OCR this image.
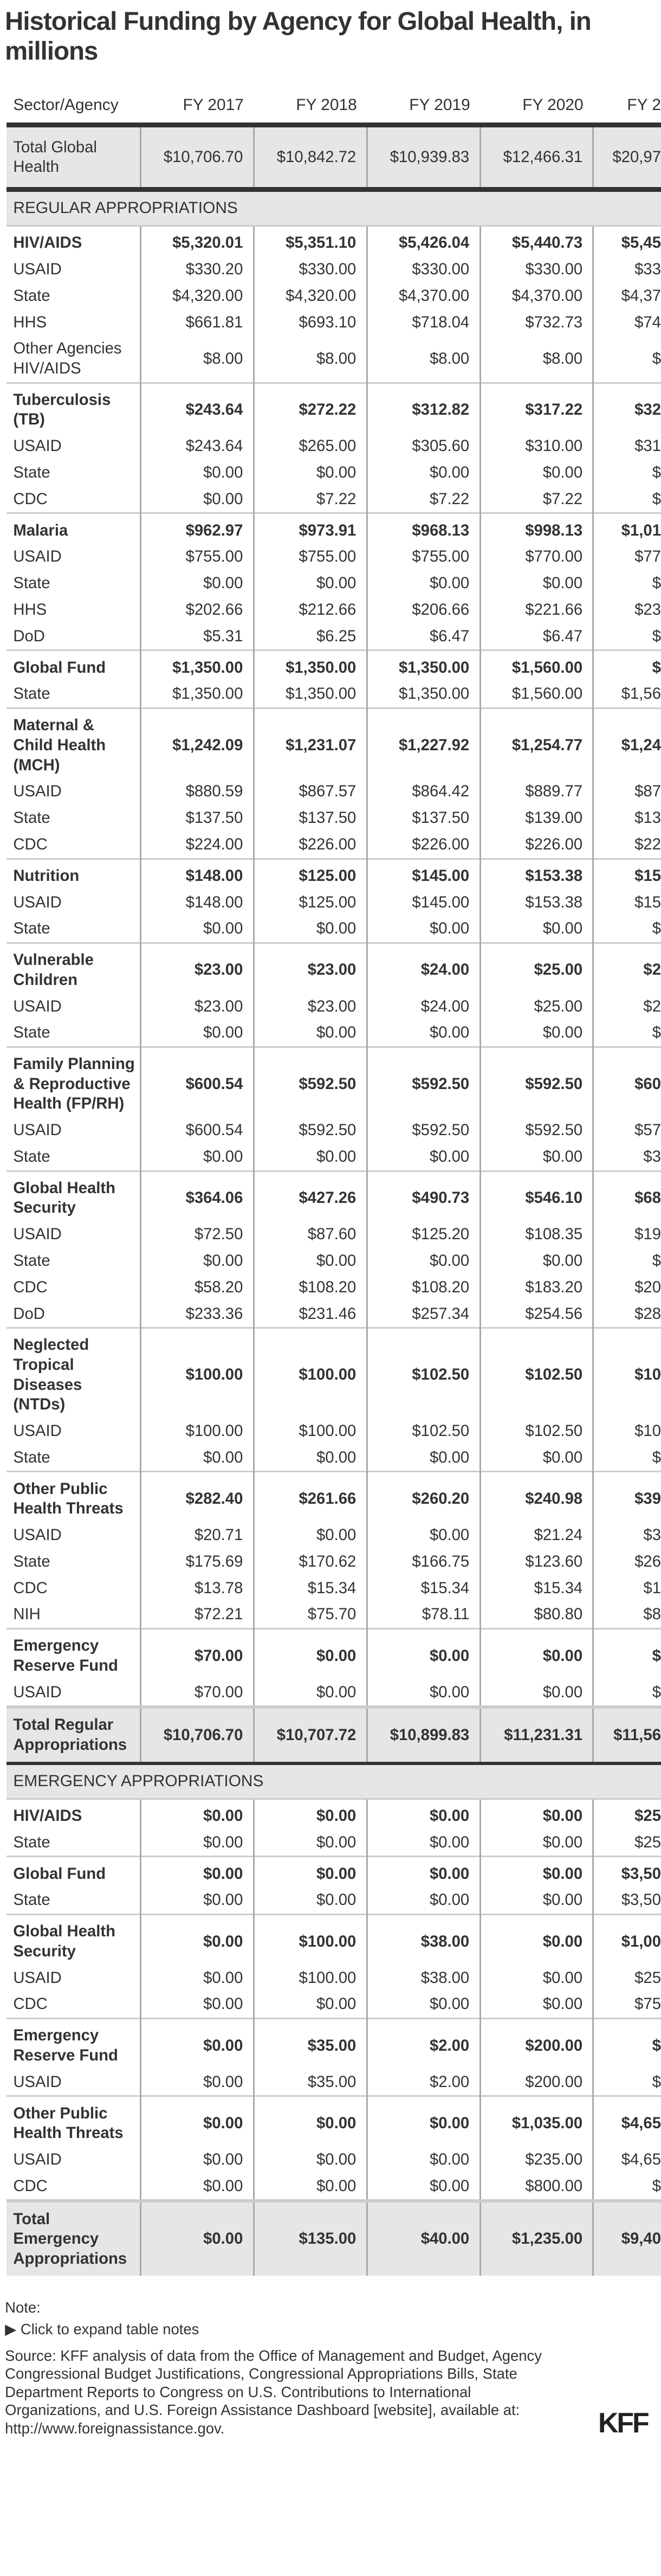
Historical Funding by Agency for Global Health, in millions
Sector/Agency	FY 2017	FY 2018	FY 2019	FY 2020	FY 2
Total Global Health	$10,706.70	$10,842.72	$10,939.83	$12,466.31	$20,97
REGULAR APPROPRIATIONS					
HIV/AIDS	$5,320.01	$5,351.10	$5,426.04	$5,440.73	$5,45
USAID	$330.20	$330.00	$330.00	$330.00	$33
State	$4,320.00	$4,320.00	$4,370.00	$4,370.00	$4,37
HHS	$661.81	$693.10	$718.04	$732.73	$74
Other Agencies HIV/AIDS	$8.00	$8.00	$8.00	$8.00	$
Tuberculosis (TB)	$243.64	$272.22	$312.82	$317.22	$32
USAID	$243.64	$265.00	$305.60	$310.00	$31
State	$0.00	$0.00	$0.00	$0.00	$
CDC	$0.00	$7.22	$7.22	$7.22	$
Malaria	$962.97	$973.91	$968.13	$998.13	$1,01
USAID	$755.00	$755.00	$755.00	$770.00	$77
State	$0.00	$0.00	$0.00	$0.00	$
HHS	$202.66	$212.66	$206.66	$221.66	$23
DoD	$5.31	$6.25	$6.47	$6.47	$
Global Fund	$1,350.00	$1,350.00	$1,350.00	$1,560.00	$
State	$1,350.00	$1,350.00	$1,350.00	$1,560.00	$1,56
Maternal & Child Health (MCH)	$1,242.09	$1,231.07	$1,227.92	$1,254.77	$1,24
USAID	$880.59	$867.57	$864.42	$889.77	$87
State	$137.50	$137.50	$137.50	$139.00	$13
CDC	$224.00	$226.00	$226.00	$226.00	$22
Nutrition	$148.00	$125.00	$145.00	$153.38	$15
USAID	$148.00	$125.00	$145.00	$153.38	$15
State	$0.00	$0.00	$0.00	$0.00	$
Vulnerable Children	$23.00	$23.00	$24.00	$25.00	$2
USAID	$23.00	$23.00	$24.00	$25.00	$2
State	$0.00	$0.00	$0.00	$0.00	$
Family Planning & Reproductive Health (FP/RH)	$600.54	$592.50	$592.50	$592.50	$60
USAID	$600.54	$592.50	$592.50	$592.50	$57
State	$0.00	$0.00	$0.00	$0.00	$3
Global Health Security	$364.06	$427.26	$490.73	$546.10	$68
USAID	$72.50	$87.60	$125.20	$108.35	$19
State	$0.00	$0.00	$0.00	$0.00	$
CDC	$58.20	$108.20	$108.20	$183.20	$20
DoD	$233.36	$231.46	$257.34	$254.56	$28
Neglected Tropical Diseases (NTDs)	$100.00	$100.00	$102.50	$102.50	$10
USAID	$100.00	$100.00	$102.50	$102.50	$10
State	$0.00	$0.00	$0.00	$0.00	$
Other Public Health Threats	$282.40	$261.66	$260.20	$240.98	$39
USAID	$20.71	$0.00	$0.00	$21.24	$3
State	$175.69	$170.62	$166.75	$123.60	$26
CDC	$13.78	$15.34	$15.34	$15.34	$1
NIH	$72.21	$75.70	$78.11	$80.80	$8
Emergency Reserve Fund	$70.00	$0.00	$0.00	$0.00	$
USAID	$70.00	$0.00	$0.00	$0.00	$
Total Regular Appropriations	$10,706.70	$10,707.72	$10,899.83	$11,231.31	$11,56
EMERGENCY APPROPRIATIONS					
HIV/AIDS	$0.00	$0.00	$0.00	$0.00	$25
State	$0.00	$0.00	$0.00	$0.00	$25
Global Fund	$0.00	$0.00	$0.00	$0.00	$3,50
State	$0.00	$0.00	$0.00	$0.00	$3,50
Global Health Security	$0.00	$100.00	$38.00	$0.00	$1,00
USAID	$0.00	$100.00	$38.00	$0.00	$25
CDC	$0.00	$0.00	$0.00	$0.00	$75
Emergency Reserve Fund	$0.00	$35.00	$2.00	$200.00	$
USAID	$0.00	$35.00	$2.00	$200.00	$
Other Public Health Threats	$0.00	$0.00	$0.00	$1,035.00	$4,65
USAID	$0.00	$0.00	$0.00	$235.00	$4,65
CDC	$0.00	$0.00	$0.00	$800.00	$
Total Emergency Appropriations	$0.00	$135.00	$40.00	$1,235.00	$9,40
Note:
▶︎ Click to expand table notes
Source: KFF analysis of data from the Office of Management and Budget, Agency Congressional Budget Justifications, Congressional Appropriations Bills, State Department Reports to Congress on U.S. Contributions to International Organizations, and U.S. Foreign Assistance Dashboard [website], available at: http://www.foreignassistance.gov.	KFF
